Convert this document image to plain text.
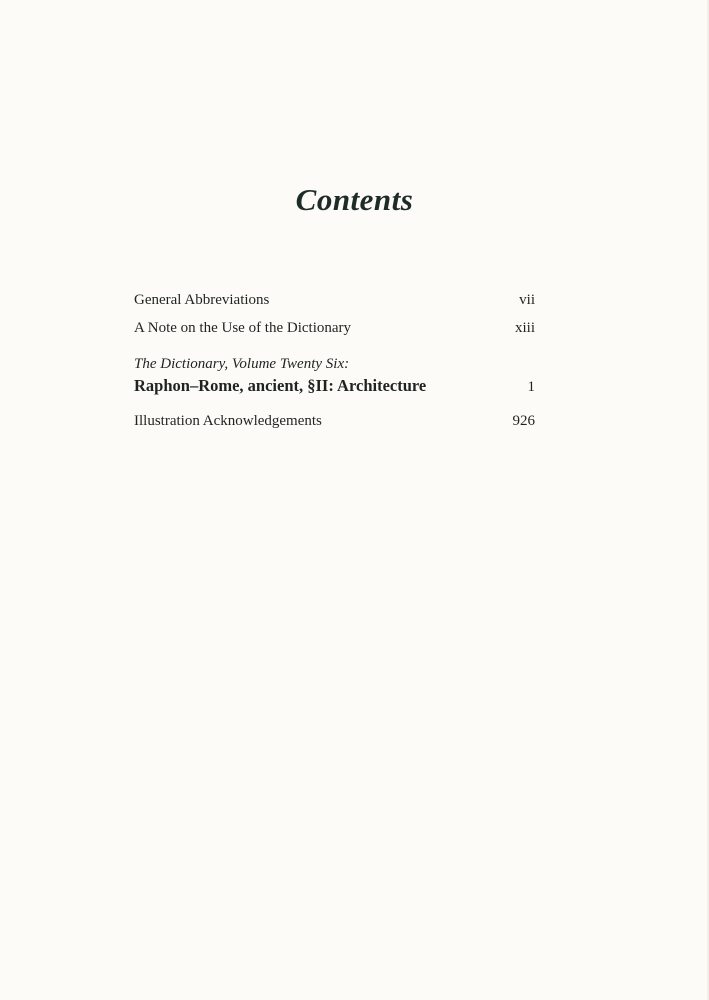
Contents
General Abbreviations	vii
A Note on the Use of the Dictionary	xiii
The Dictionary, Volume Twenty Six:
Raphon–Rome, ancient, §II: Architecture	1
Illustration Acknowledgements	926
